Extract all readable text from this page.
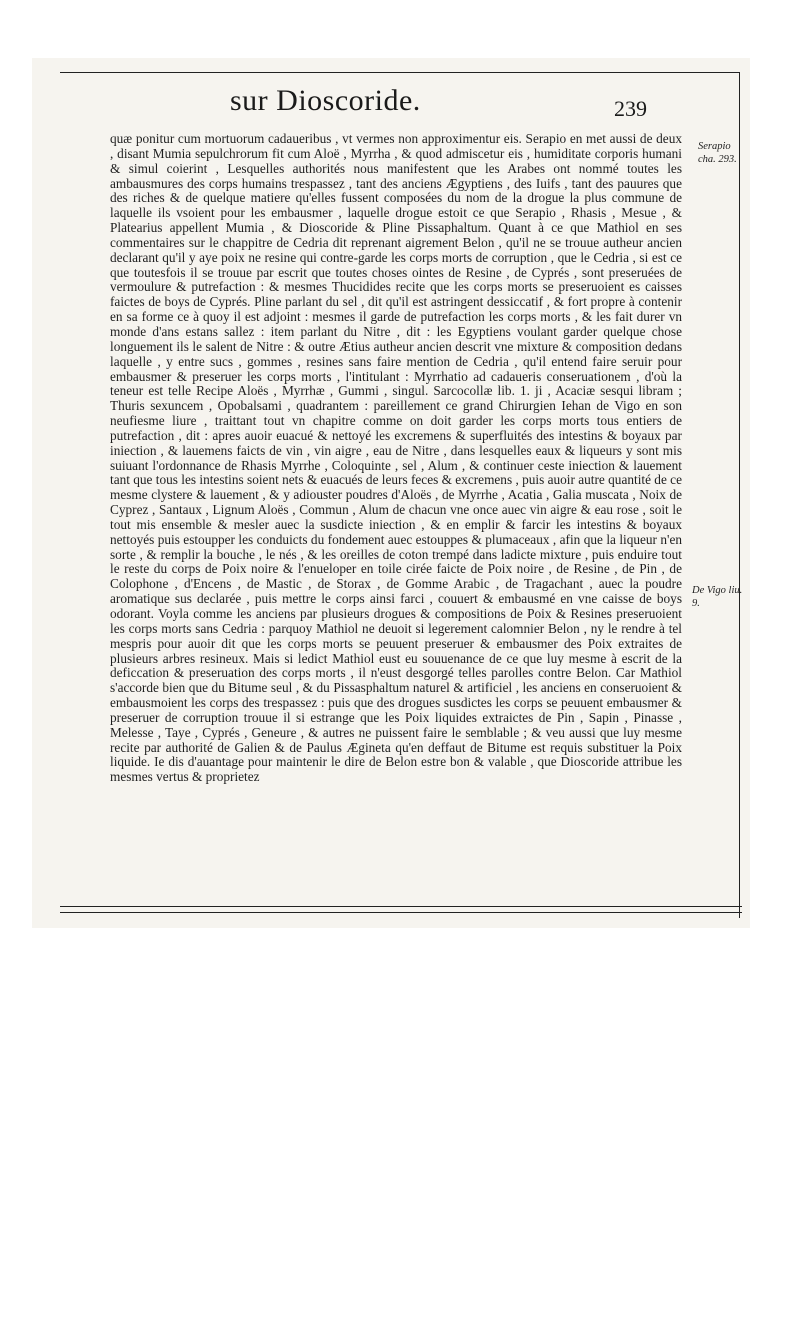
sur Dioscoride.	239

quæ ponitur cum mortuorum cadaueribus , vt vermes non approximentur eis. Serapio en met aussi de deux , disant Mumia sepulchrorum fit cum Aloë , Myrrha , & quod admiscetur eis , humiditate corporis humani & simul coierint , Lesquelles authorités nous manifestent que les Arabes ont nommé toutes les ambausmures des corps humains trespassez , tant des anciens Ægyptiens , des Iuifs , tant des pauures que des riches & de quelque matiere qu'elles fussent composées du nom de la drogue la plus commune de laquelle ils vsoient pour les embausmer , laquelle drogue estoit ce que Serapio , Rhasis , Mesue , & Platearius appellent Mumia , & Dioscoride & Pline Pissaphaltum. Quant à ce que Mathiol en ses commentaires sur le chappitre de Cedria dit reprenant aigrement Belon , qu'il ne se trouue autheur ancien declarant qu'il y aye poix ne resine qui contre-garde les corps morts de corruption , que le Cedria , si est ce que toutesfois il se trouue par escrit que toutes choses ointes de Resine , de Cyprés , sont preseruées de vermoulure & putrefaction : & mesmes Thucidides recite que les corps morts se preseruoient es caisses faictes de boys de Cyprés. Pline parlant du sel , dit qu'il est astringent dessiccatif , & fort propre à contenir en sa forme ce à quoy il est adjoint : mesmes il garde de putrefaction les corps morts , & les fait durer vn monde d'ans estans sallez : item parlant du Nitre , dit : les Egyptiens voulant garder quelque chose longuement ils le salent de Nitre : & outre Ætius autheur ancien descrit vne mixture & composition dedans laquelle , y entre sucs , gommes , resines sans faire mention de Cedria , qu'il entend faire seruir pour embausmer & preseruer les corps morts , l'intitulant : Myrrhatio ad cadaueris conseruationem , d'où la teneur est telle Recipe Aloës , Myrrhæ , Gummi , singul. Sarcocollæ lib. 1. ji , Acaciæ sesqui libram ; Thuris sexuncem , Opobalsami , quadrantem : pareillement ce grand Chirurgien Iehan de Vigo en son neufiesme liure , traittant tout vn chapitre comme on doit garder les corps morts tous entiers de putrefaction , dit : apres auoir euacué & nettoyé les excremens & superfluités des intestins & boyaux par iniection , & lauemens faicts de vin , vin aigre , eau de Nitre , dans lesquelles eaux & liqueurs y sont mis suiuant l'ordonnance de Rhasis Myrrhe , Coloquinte , sel , Alum , & continuer ceste iniection & lauement tant que tous les intestins soient nets & euacués de leurs feces & excremens , puis auoir autre quantité de ce mesme clystere & lauement , & y adiouster poudres d'Aloës , de Myrrhe , Acatia , Galia muscata , Noix de Cyprez , Santaux , Lignum Aloës , Commun , Alum de chacun vne once auec vin aigre & eau rose , soit le tout mis ensemble & mesler auec la susdicte iniection , & en emplir & farcir les intestins & boyaux nettoyés puis estoupper les conduicts du fondement auec estouppes & plumaceaux , afin que la liqueur n'en sorte , & remplir la bouche , le nés , & les oreilles de coton trempé dans ladicte mixture , puis enduire tout le reste du corps de Poix noire & l'enueloper en toile cirée faicte de Poix noire , de Resine , de Pin , de Colophone , d'Encens , de Mastic , de Storax , de Gomme Arabic , de Tragachant , auec la poudre aromatique sus declarée , puis mettre le corps ainsi farci , couuert & embausmé en vne caisse de boys odorant. Voyla comme les anciens par plusieurs drogues & compositions de Poix & Resines preseruoient les corps morts sans Cedria : parquoy Mathiol ne deuoit si legerement calomnier Belon , ny le rendre à tel mespris pour auoir dit que les corps morts se peuuent preseruer & embausmer des Poix extraites de plusieurs arbres resineux. Mais si ledict Mathiol eust eu souuenance de ce que luy mesme à escrit de la deficcation & preseruation des corps morts , il n'eust desgorgé telles parolles contre Belon. Car Mathiol s'accorde bien que du Bitume seul , & du Pissasphaltum naturel & artificiel , les anciens en conseruoient & embausmoient les corps des trespassez : puis que des drogues susdictes les corps se peuuent embausmer & preseruer de corruption trouue il si estrange que les Poix liquides extraictes de Pin , Sapin , Pinasse , Melesse , Taye , Cyprés , Geneure , & autres ne puissent faire le semblable ; & veu aussi que luy mesme recite par authorité de Galien & de Paulus Ægineta qu'en deffaut de Bitume est requis substituer la Poix liquide. Ie dis d'auantage pour maintenir le dire de Belon estre bon & valable , que Dioscoride attribue les mesmes vertus & proprietez

Serapio cha. 293.
De Vigo liu. 9.
